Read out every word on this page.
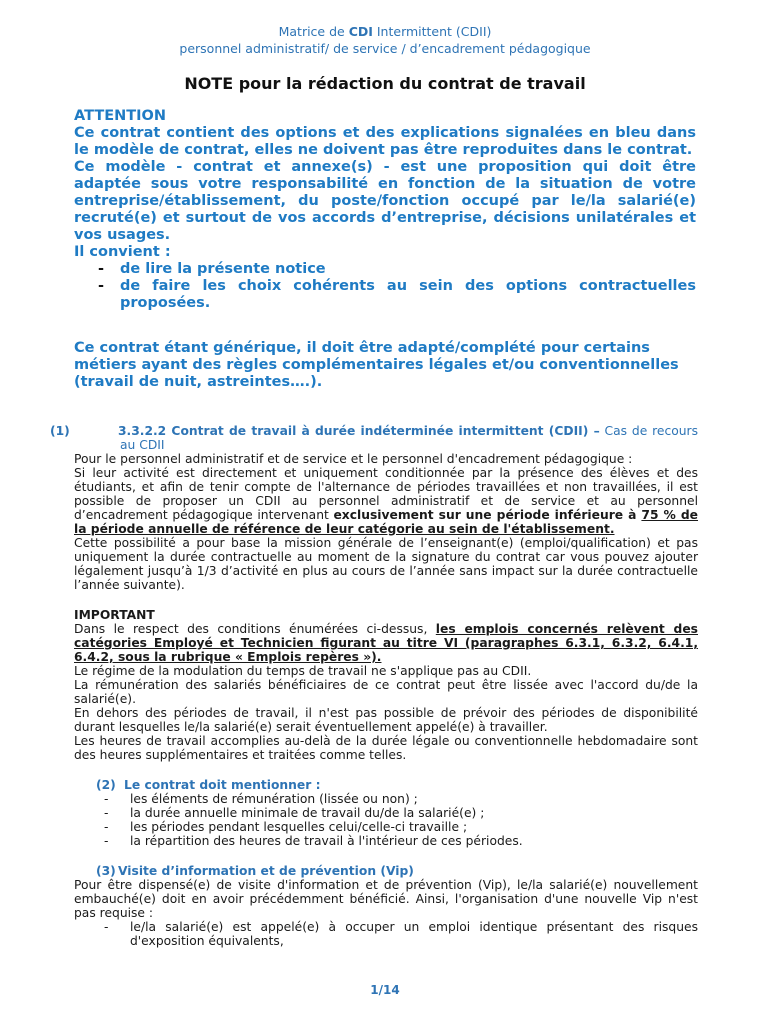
Matrice de CDI Intermittent (CDII)
personnel administratif/ de service / d’encadrement pédagogique
NOTE pour la rédaction du contrat de travail

ATTENTION

Ce contrat contient des options et des explications signalées en bleu dans le modèle de contrat, elles ne doivent pas être reproduites dans le contrat.

Ce modèle - contrat et annexe(s) - est une proposition qui doit être adaptée sous votre responsabilité en fonction de la situation de votre entreprise/établissement, du poste/fonction occupé par le/la salarié(e) recruté(e) et surtout de vos accords d’entreprise, décisions unilatérales et vos usages.

Il convient :

- de lire la présente notice

- de faire les choix cohérents au sein des options contractuelles proposées.

Ce contrat étant générique, il doit être adapté/complété pour certains métiers ayant des règles complémentaires légales et/ou conventionnelles (travail de nuit, astreintes….).

(1)	3.3.2.2 Contrat de travail à durée indéterminée intermittent (CDII) – Cas de recours au CDII

Pour le personnel administratif et de service et le personnel d'encadrement pédagogique :

Si leur activité est directement et uniquement conditionnée par la présence des élèves et des étudiants, et afin de tenir compte de l'alternance de périodes travaillées et non travaillées, il est possible de proposer un CDII au personnel administratif et de service et au personnel d’encadrement pédagogique intervenant exclusivement sur une période inférieure à 75 % de la période annuelle de référence de leur catégorie au sein de l'établissement.

Cette possibilité a pour base la mission générale de l’enseignant(e) (emploi/qualification) et pas uniquement la durée contractuelle au moment de la signature du contrat car vous pouvez ajouter légalement jusqu’à 1/3 d’activité en plus au cours de l’année sans impact sur la durée contractuelle l’année suivante).

IMPORTANT

Dans le respect des conditions énumérées ci-dessus, les emplois concernés relèvent des catégories Employé et Technicien figurant au titre VI (paragraphes 6.3.1, 6.3.2, 6.4.1, 6.4.2, sous la rubrique « Emplois repères »).

Le régime de la modulation du temps de travail ne s'applique pas au CDII.

La rémunération des salariés bénéficiaires de ce contrat peut être lissée avec l'accord du/de la salarié(e).

En dehors des périodes de travail, il n'est pas possible de prévoir des périodes de disponibilité durant lesquelles le/la salarié(e) serait éventuellement appelé(e) à travailler.

Les heures de travail accomplies au-delà de la durée légale ou conventionnelle hebdomadaire sont des heures supplémentaires et traitées comme telles.

(2) Le contrat doit mentionner :

- les éléments de rémunération (lissée ou non) ;

- la durée annuelle minimale de travail du/de la salarié(e) ;

- les périodes pendant lesquelles celui/celle-ci travaille ;

- la répartition des heures de travail à l'intérieur de ces périodes.

(3) Visite d’information et de prévention (Vip)

Pour être dispensé(e) de visite d'information et de prévention (Vip), le/la salarié(e) nouvellement embauché(e) doit en avoir précédemment bénéficié. Ainsi, l'organisation d'une nouvelle Vip n'est pas requise :

- le/la salarié(e) est appelé(e) à occuper un emploi identique présentant des risques d'exposition équivalents,

1/14
